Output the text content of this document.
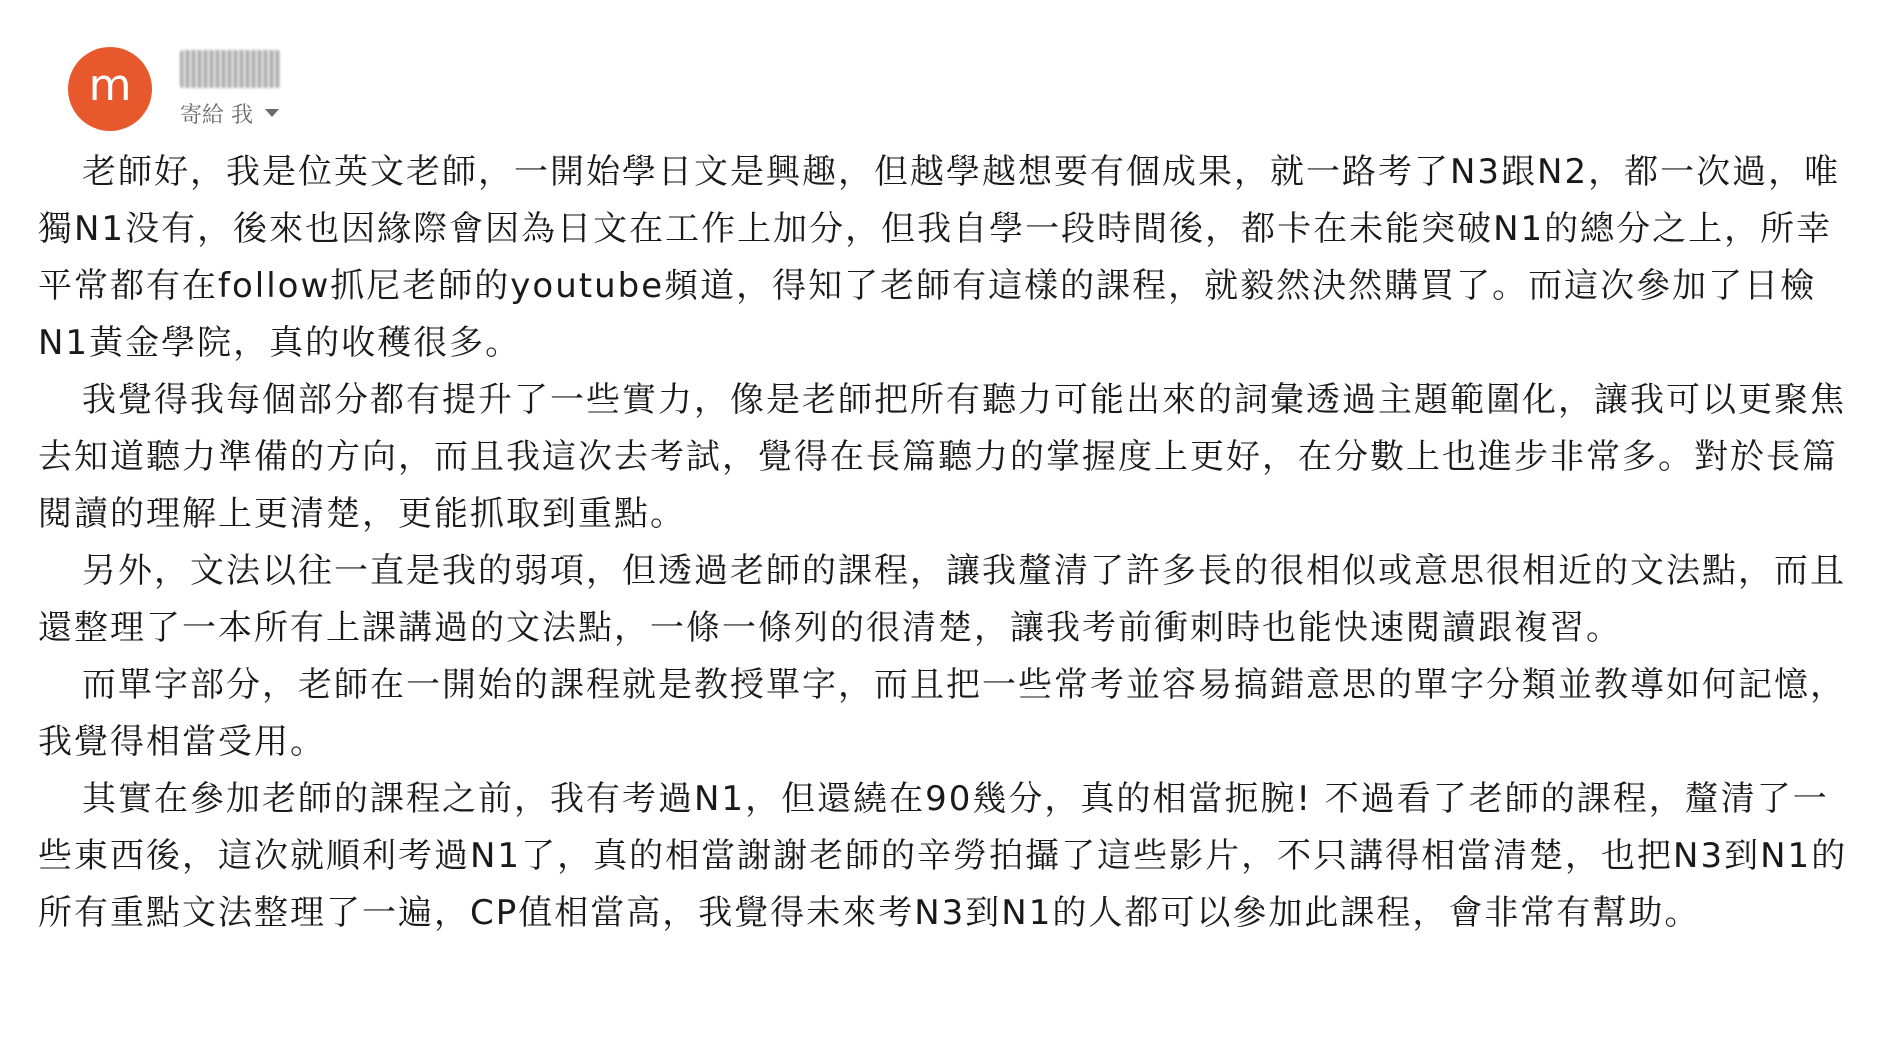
m
寄給 我

老師好，我是位英文老師，一開始學日文是興趣，但越學越想要有個成果，就一路考了N3跟N2，都一次過，唯獨N1没有，後來也因緣際會因為日文在工作上加分，但我自學一段時間後，都卡在未能突破N1的總分之上，所幸平常都有在follow抓尼老師的youtube頻道，得知了老師有這樣的課程，就毅然決然購買了。而這次參加了日檢N1黃金學院，真的收穫很多。

我覺得我每個部分都有提升了一些實力，像是老師把所有聽力可能出來的詞彙透過主題範圍化，讓我可以更聚焦去知道聽力準備的方向，而且我這次去考試，覺得在長篇聽力的掌握度上更好，在分數上也進步非常多。對於長篇閱讀的理解上更清楚，更能抓取到重點。

另外，文法以往一直是我的弱項，但透過老師的課程，讓我釐清了許多長的很相似或意思很相近的文法點，而且還整理了一本所有上課講過的文法點，一條一條列的很清楚，讓我考前衝刺時也能快速閱讀跟複習。

而單字部分，老師在一開始的課程就是教授單字，而且把一些常考並容易搞錯意思的單字分類並教導如何記憶，我覺得相當受用。

其實在參加老師的課程之前，我有考過N1，但還繞在90幾分，真的相當扼腕! 不過看了老師的課程，釐清了一些東西後，這次就順利考過N1了，真的相當謝謝老師的辛勞拍攝了這些影片，不只講得相當清楚，也把N3到N1的所有重點文法整理了一遍，CP值相當高，我覺得未來考N3到N1的人都可以參加此課程，會非常有幫助。
